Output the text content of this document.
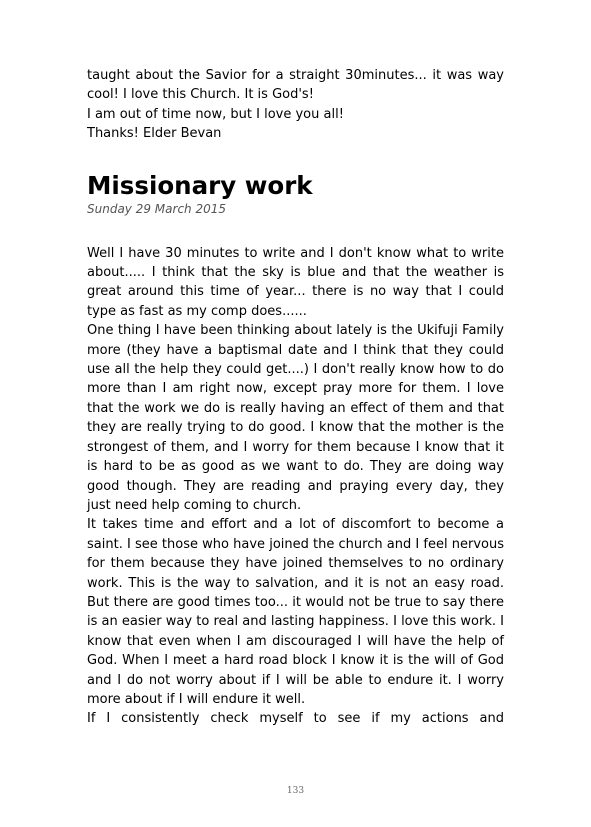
taught about the Savior for a straight 30minutes... it was way cool! I love this Church. It is God's!

I am out of time now, but I love you all!

Thanks! Elder Bevan

Missionary work
Sunday 29 March 2015

Well I have 30 minutes to write and I don't know what to write about..... I think that the sky is blue and that the weather is great around this time of year... there is no way that I could type as fast as my comp does......

One thing I have been thinking about lately is the Ukifuji Family more (they have a baptismal date and I think that they could use all the help they could get....) I don't really know how to do more than I am right now, except pray more for them. I love that the work we do is really having an effect of them and that they are really trying to do good. I know that the mother is the strongest of them, and I worry for them because I know that it is hard to be as good as we want to do. They are doing way good though. They are reading and praying every day, they just need help coming to church.

It takes time and effort and a lot of discomfort to become a saint. I see those who have joined the church and I feel nervous for them because they have joined themselves to no ordinary work. This is the way to salvation, and it is not an easy road. But there are good times too... it would not be true to say there is an easier way to real and lasting happiness. I love this work. I know that even when I am discouraged I will have the help of God. When I meet a hard road block I know it is the will of God and I do not worry about if I will be able to endure it. I worry more about if I will endure it well.

If I consistently check myself to see if my actions and

133
